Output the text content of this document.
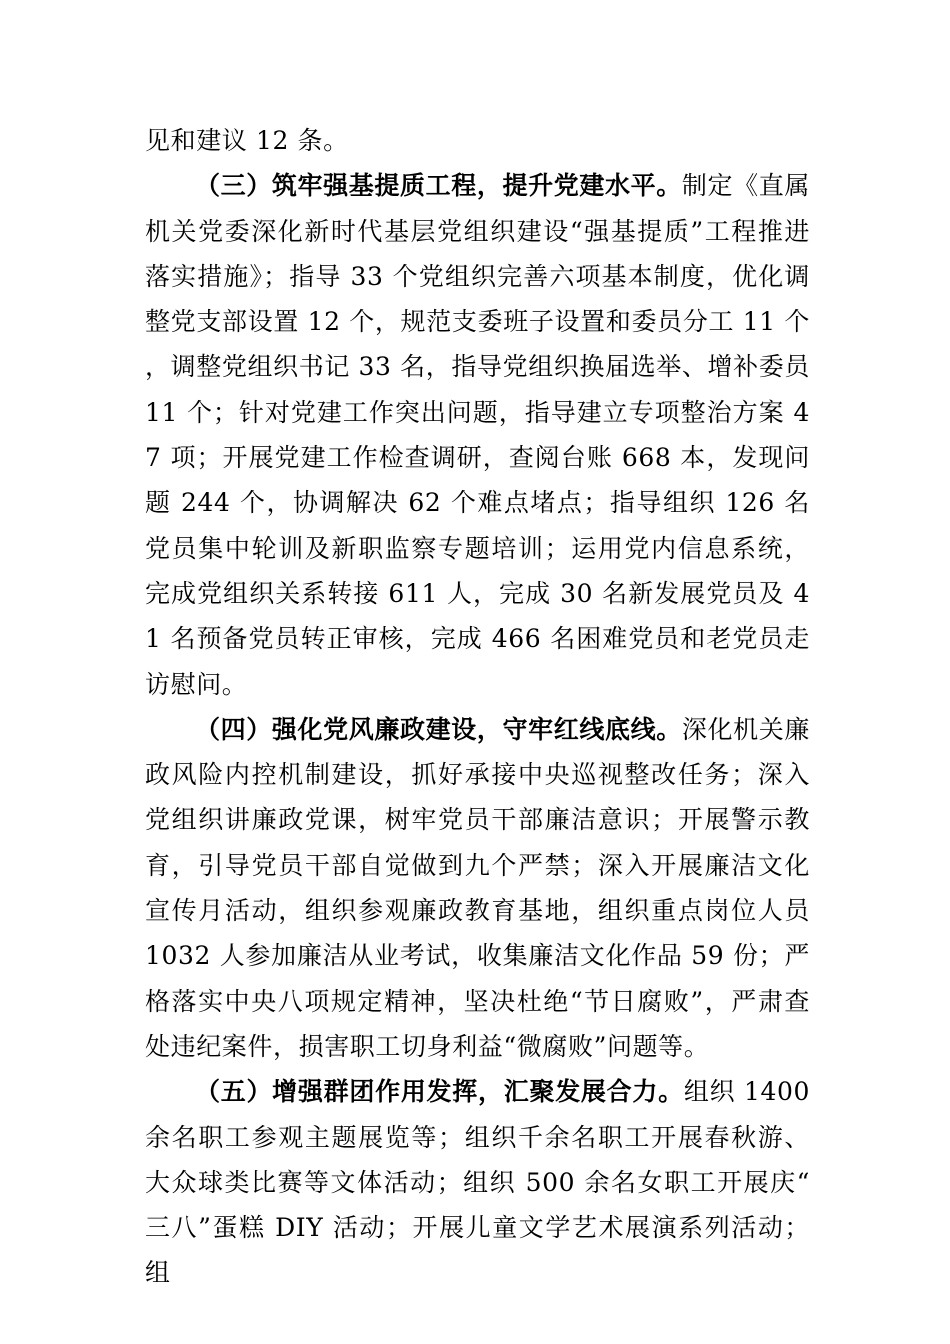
见和建议 12 条。

（三）筑牢强基提质工程，提升党建水平。制定《直属机关党委深化新时代基层党组织建设“强基提质”工程推进落实措施》；指导 33 个党组织完善六项基本制度，优化调整党支部设置 12 个，规范支委班子设置和委员分工 11 个，调整党组织书记 33 名，指导党组织换届选举、增补委员 11 个；针对党建工作突出问题，指导建立专项整治方案 47 项；开展党建工作检查调研，查阅台账 668 本，发现问题 244 个，协调解决 62 个难点堵点；指导组织 126 名党员集中轮训及新职监察专题培训；运用党内信息系统，完成党组织关系转接 611 人，完成 30 名新发展党员及 41 名预备党员转正审核，完成 466 名困难党员和老党员走访慰问。

（四）强化党风廉政建设，守牢红线底线。深化机关廉政风险内控机制建设，抓好承接中央巡视整改任务；深入党组织讲廉政党课，树牢党员干部廉洁意识；开展警示教育，引导党员干部自觉做到九个严禁；深入开展廉洁文化宣传月活动，组织参观廉政教育基地，组织重点岗位人员 1032 人参加廉洁从业考试，收集廉洁文化作品 59 份；严格落实中央八项规定精神，坚决杜绝“节日腐败”，严肃查处违纪案件，损害职工切身利益“微腐败”问题等。

（五）增强群团作用发挥，汇聚发展合力。组织 1400 余名职工参观主题展览等；组织千余名职工开展春秋游、大众球类比赛等文体活动；组织 500 余名女职工开展庆“三八”蛋糕 DIY 活动；开展儿童文学艺术展演系列活动；组
